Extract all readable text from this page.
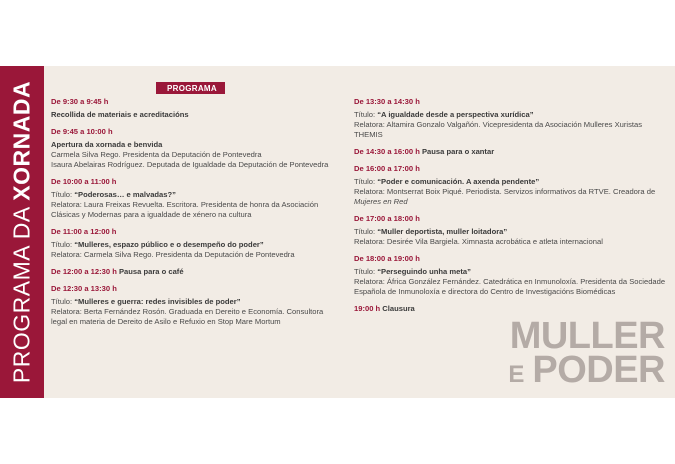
PROGRAMA DA XORNADA	PROGRAMA
De 9:30 a 9:45 h
Recollida de materiais e acreditacións
De 9:45 a 10:00 h
Apertura da xornada e benvida
Carmela Silva Rego. Presidenta da Deputación de Pontevedra
Isaura Abelairas Rodríguez. Deputada de Igualdade da Deputación de Pontevedra
De 10:00 a 11:00 h
Título: “Poderosas… e malvadas?”
Relatora: Laura Freixas Revuelta. Escritora. Presidenta de honra da Asociación
Clásicas y Modernas para a igualdade de xénero na cultura
De 11:00 a 12:00 h
Título: “Mulleres, espazo público e o desempeño do poder”
Relatora: Carmela Silva Rego. Presidenta da Deputación de Pontevedra
De 12:00 a 12:30 h Pausa para o café
De 12:30 a 13:30 h
Título: “Mulleres e guerra: redes invisibles de poder”
Relatora: Berta Fernández Rosón. Graduada en Dereito e Economía. Consultora
legal en materia de Dereito de Asilo e Refuxio en Stop Mare Mortum
De 13:30 a 14:30 h
Título: “A igualdade desde a perspectiva xurídica”
Relatora: Altamira Gonzalo Valgañón. Vicepresidenta da Asociación Mulleres Xuristas THEMIS
De 14:30 a 16:00 h Pausa para o xantar
De 16:00 a 17:00 h
Título: “Poder e comunicación. A axenda pendente”
Relatora: Montserrat Boix Piqué. Periodista. Servizos informativos da RTVE. Creadora de
Mujeres en Red
De 17:00 a 18:00 h
Título: “Muller deportista, muller loitadora”
Relatora: Desirée Vila Bargiela. Ximnasta acrobática e atleta internacional
De 18:00 a 19:00 h
Título: “Perseguindo unha meta”
Relatora: África González Fernández. Catedrática en Inmunoloxía. Presidenta da Sociedade
Española de Inmunoloxía e directora do Centro de Investigacións Biomédicas
19:00 h Clausura
MULLER
E PODER
